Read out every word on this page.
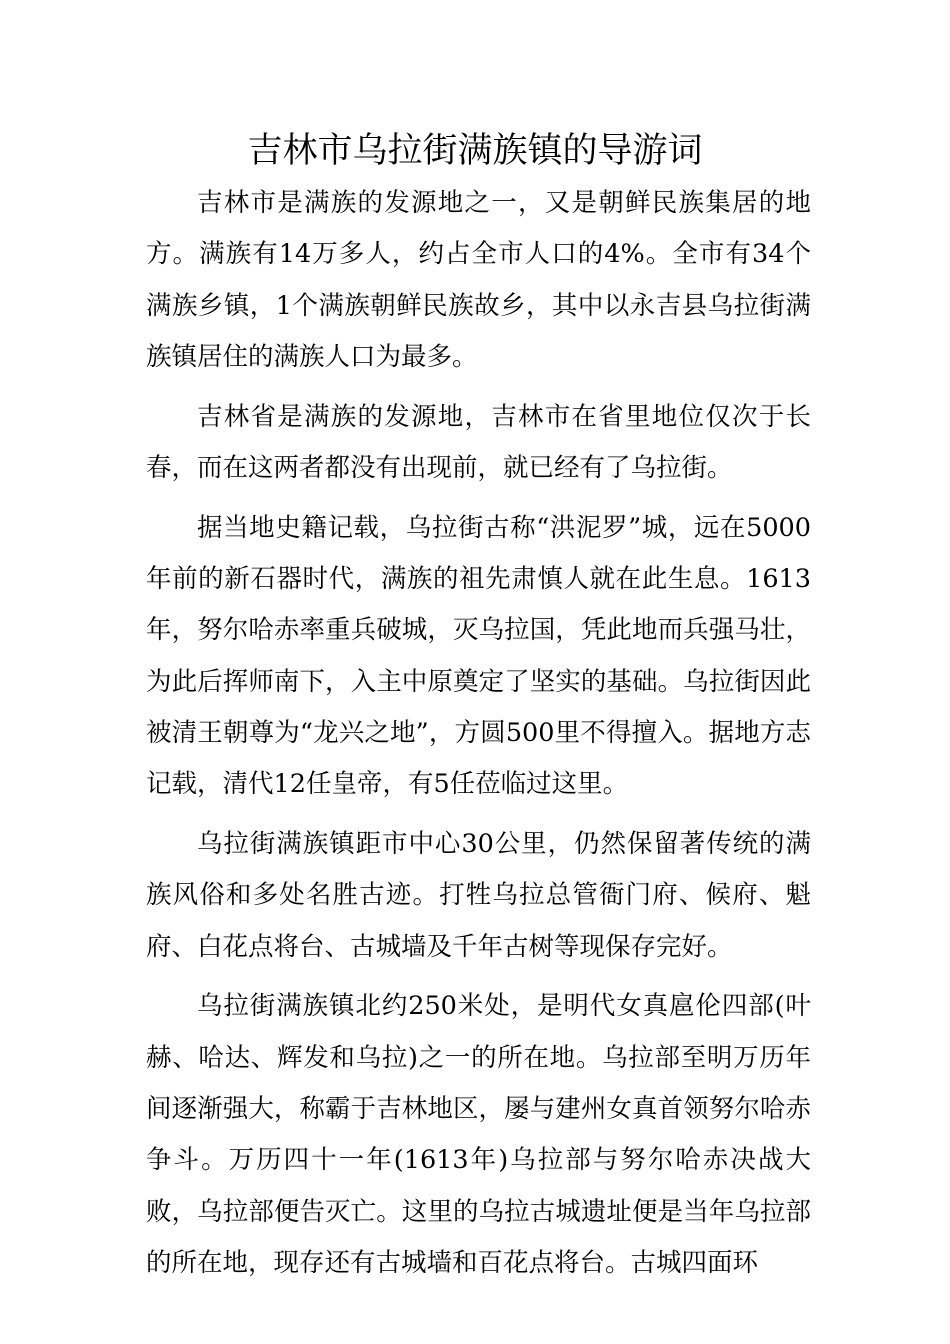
吉林市乌拉街满族镇的导游词

吉林市是满族的发源地之一，又是朝鲜民族集居的地方。满族有14万多人，约占全市人口的4%。全市有34个满族乡镇，1个满族朝鲜民族故乡，其中以永吉县乌拉街满族镇居住的满族人口为最多。

吉林省是满族的发源地，吉林市在省里地位仅次于长春，而在这两者都没有出现前，就已经有了乌拉街。

据当地史籍记载，乌拉街古称“洪泥罗”城，远在5000年前的新石器时代，满族的祖先肃慎人就在此生息。1613年，努尔哈赤率重兵破城，灭乌拉国，凭此地而兵强马壮，为此后挥师南下，入主中原奠定了坚实的基础。乌拉街因此被清王朝尊为“龙兴之地”，方圆500里不得擅入。据地方志记载，清代12任皇帝，有5任莅临过这里。

乌拉街满族镇距市中心30公里，仍然保留著传统的满族风俗和多处名胜古迹。打牲乌拉总管衙门府、候府、魁府、白花点将台、古城墙及千年古树等现保存完好。

乌拉街满族镇北约250米处，是明代女真扈伦四部(叶赫、哈达、辉发和乌拉)之一的所在地。乌拉部至明万历年间逐渐强大，称霸于吉林地区，屡与建州女真首领努尔哈赤争斗。万历四十一年(1613年)乌拉部与努尔哈赤决战大败，乌拉部便告灭亡。这里的乌拉古城遗址便是当年乌拉部的所在地，现存还有古城墙和百花点将台。古城四面环
